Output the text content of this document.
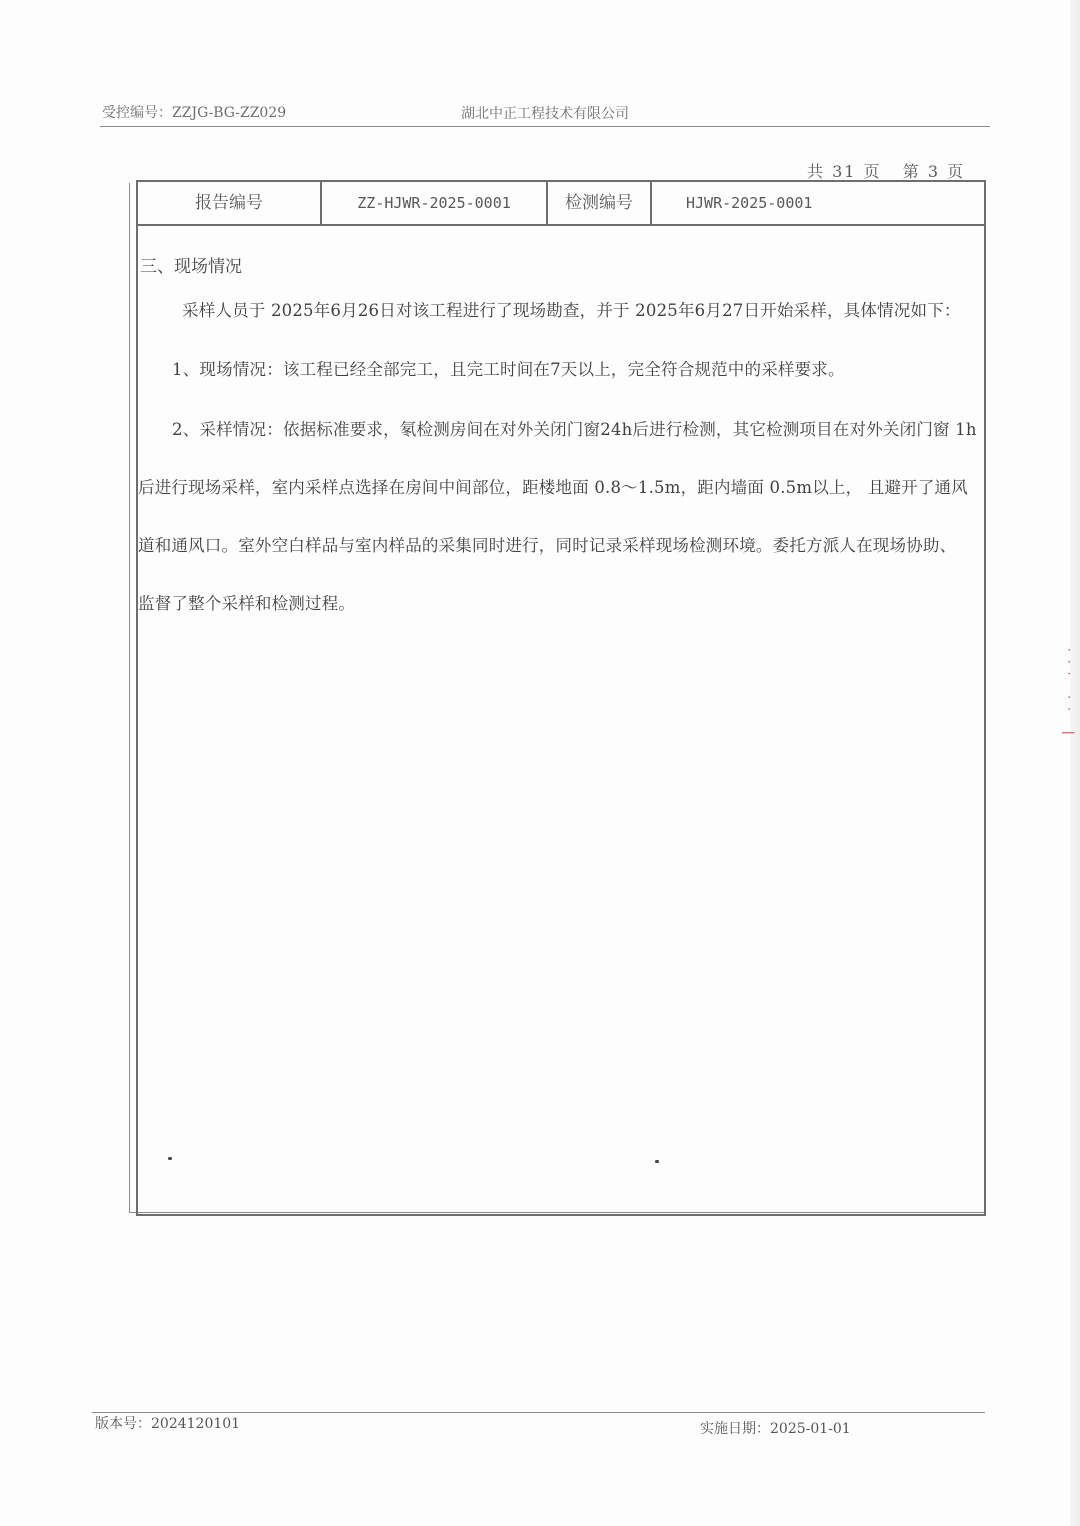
··· ·· |
受控编号：ZZJG-BG-ZZ029	湖北中正工程技术有限公司
共 31 页   第 3 页
报告编号	ZZ-HJWR-2025-0001	检测编号	HJWR-2025-0001
三、现场情况
采样人员于 2025年6月26日对该工程进行了现场勘查，并于 2025年6月27日开始采样，具体情况如下：
1、现场情况：该工程已经全部完工，且完工时间在7天以上，完全符合规范中的采样要求。
2、采样情况：依据标准要求，氡检测房间在对外关闭门窗24h后进行检测，其它检测项目在对外关闭门窗 1h
后进行现场采样，室内采样点选择在房间中间部位，距楼地面 0.8～1.5m，距内墙面 0.5m以上， 且避开了通风
道和通风口。室外空白样品与室内样品的采集同时进行，同时记录采样现场检测环境。委托方派人在现场协助、
监督了整个采样和检测过程。
版本号：2024120101	实施日期：2025-01-01
